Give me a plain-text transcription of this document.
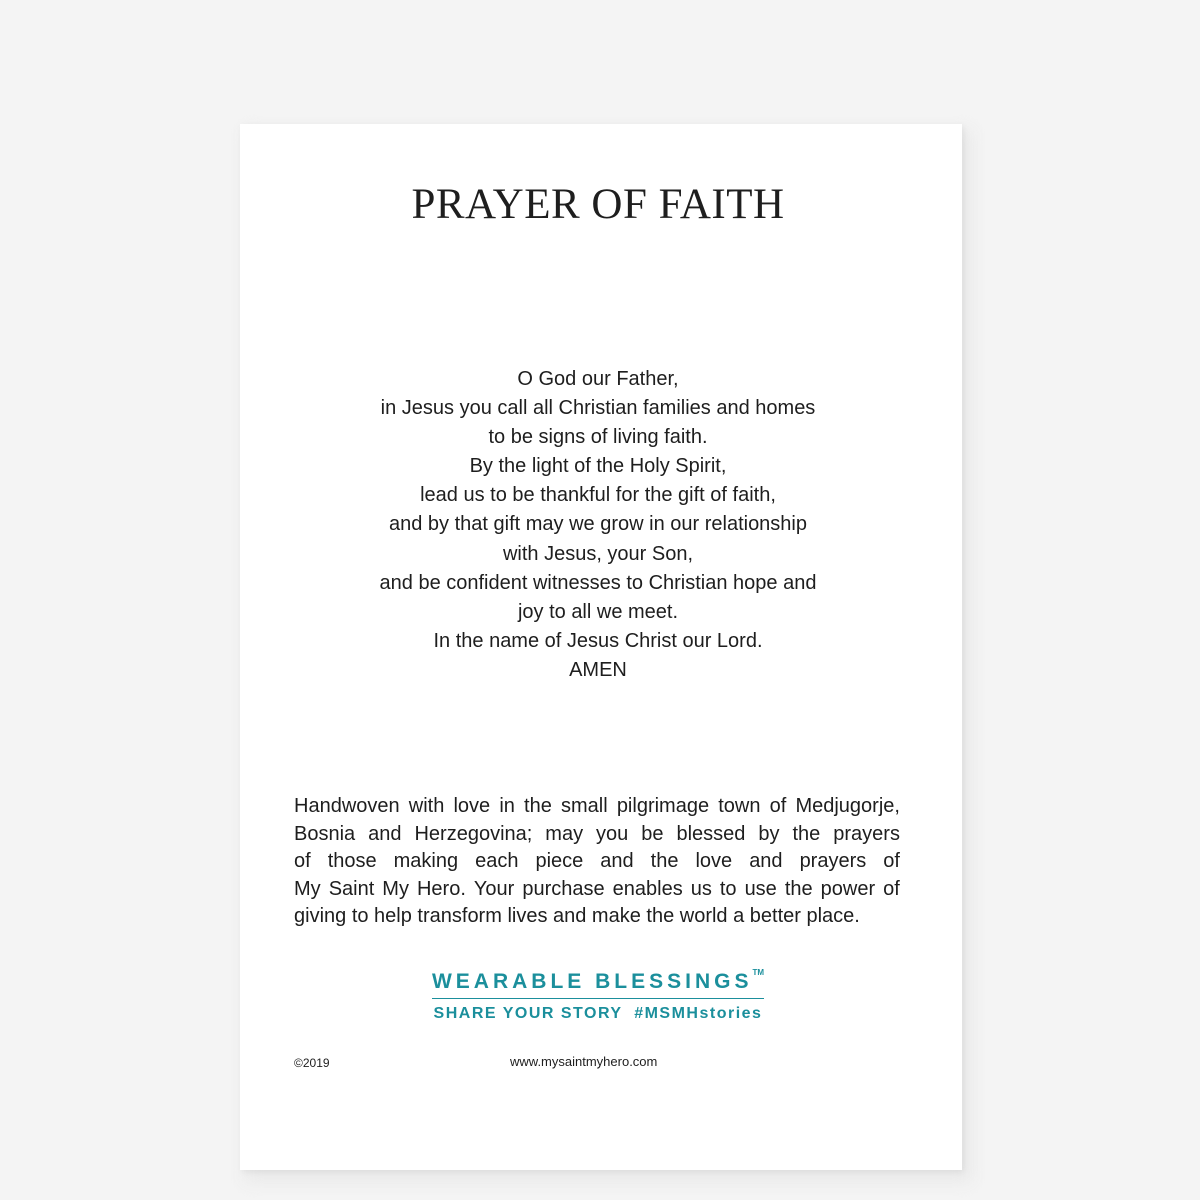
PRAYER OF FAITH
O God our Father,
in Jesus you call all Christian families and homes
to be signs of living faith.
By the light of the Holy Spirit,
lead us to be thankful for the gift of faith,
and by that gift may we grow in our relationship
with Jesus, your Son,
and be confident witnesses to Christian hope and
joy to all we meet.
In the name of Jesus Christ our Lord.
AMEN
Handwoven with love in the small pilgrimage town of Medjugorje,
Bosnia and Herzegovina; may you be blessed by the prayers
of those making each piece and the love and prayers of
My Saint My Hero. Your purchase enables us to use the power of
giving to help transform lives and make the world a better place.
WEARABLE BLESSINGS™
SHARE YOUR STORY  #MSMHstories
©2019	www.mysaintmyhero.com
